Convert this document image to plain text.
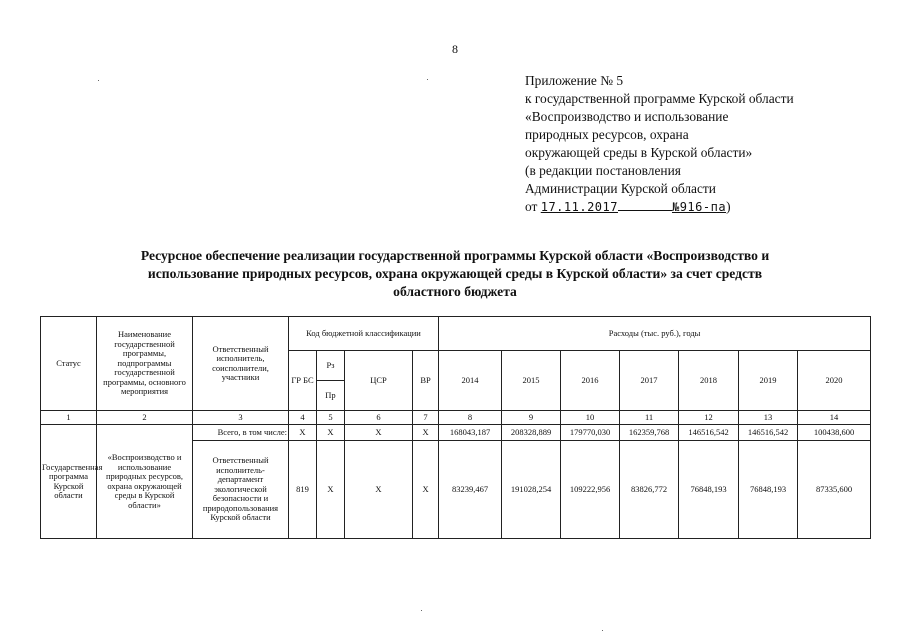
8
Приложение № 5
к государственной программе Курской области
«Воспроизводство и использование
природных ресурсов, охрана
окружающей среды в Курской области»
(в редакции постановления
Администрации Курской области
от 17.11.2017	№916-па)
Ресурсное обеспечение реализации государственной программы Курской области «Воспроизводство и
использование природных ресурсов, охрана окружающей среды в Курской области» за счет средств
областного бюджета
Статус	Наименование государственной программы, подпрограммы государственной программы, основного мероприятия	Ответственный исполнитель, соисполнители, участники	Код бюджетной классификации				Расходы (тыс. руб.), годы						
			ГР БС	Рз	ЦСР	ВР	2014	2015	2016	2017	2018	2019	2020
				Пр									
1	2	3	4	5	6	7	8	9	10	11	12	13	14
Государственная программа Курской области	«Воспроизводство и использование природных ресурсов, охрана окружающей среды в Курской области»	Всего, в том числе:	Х	Х	Х	Х	168043,187	208328,889	179770,030	162359,768	146516,542	146516,542	100438,600
		Ответственный исполнитель-департамент экологической безопасности и природопользования Курской области	819	Х	Х	Х	83239,467	191028,254	109222,956	83826,772	76848,193	76848,193	87335,600
